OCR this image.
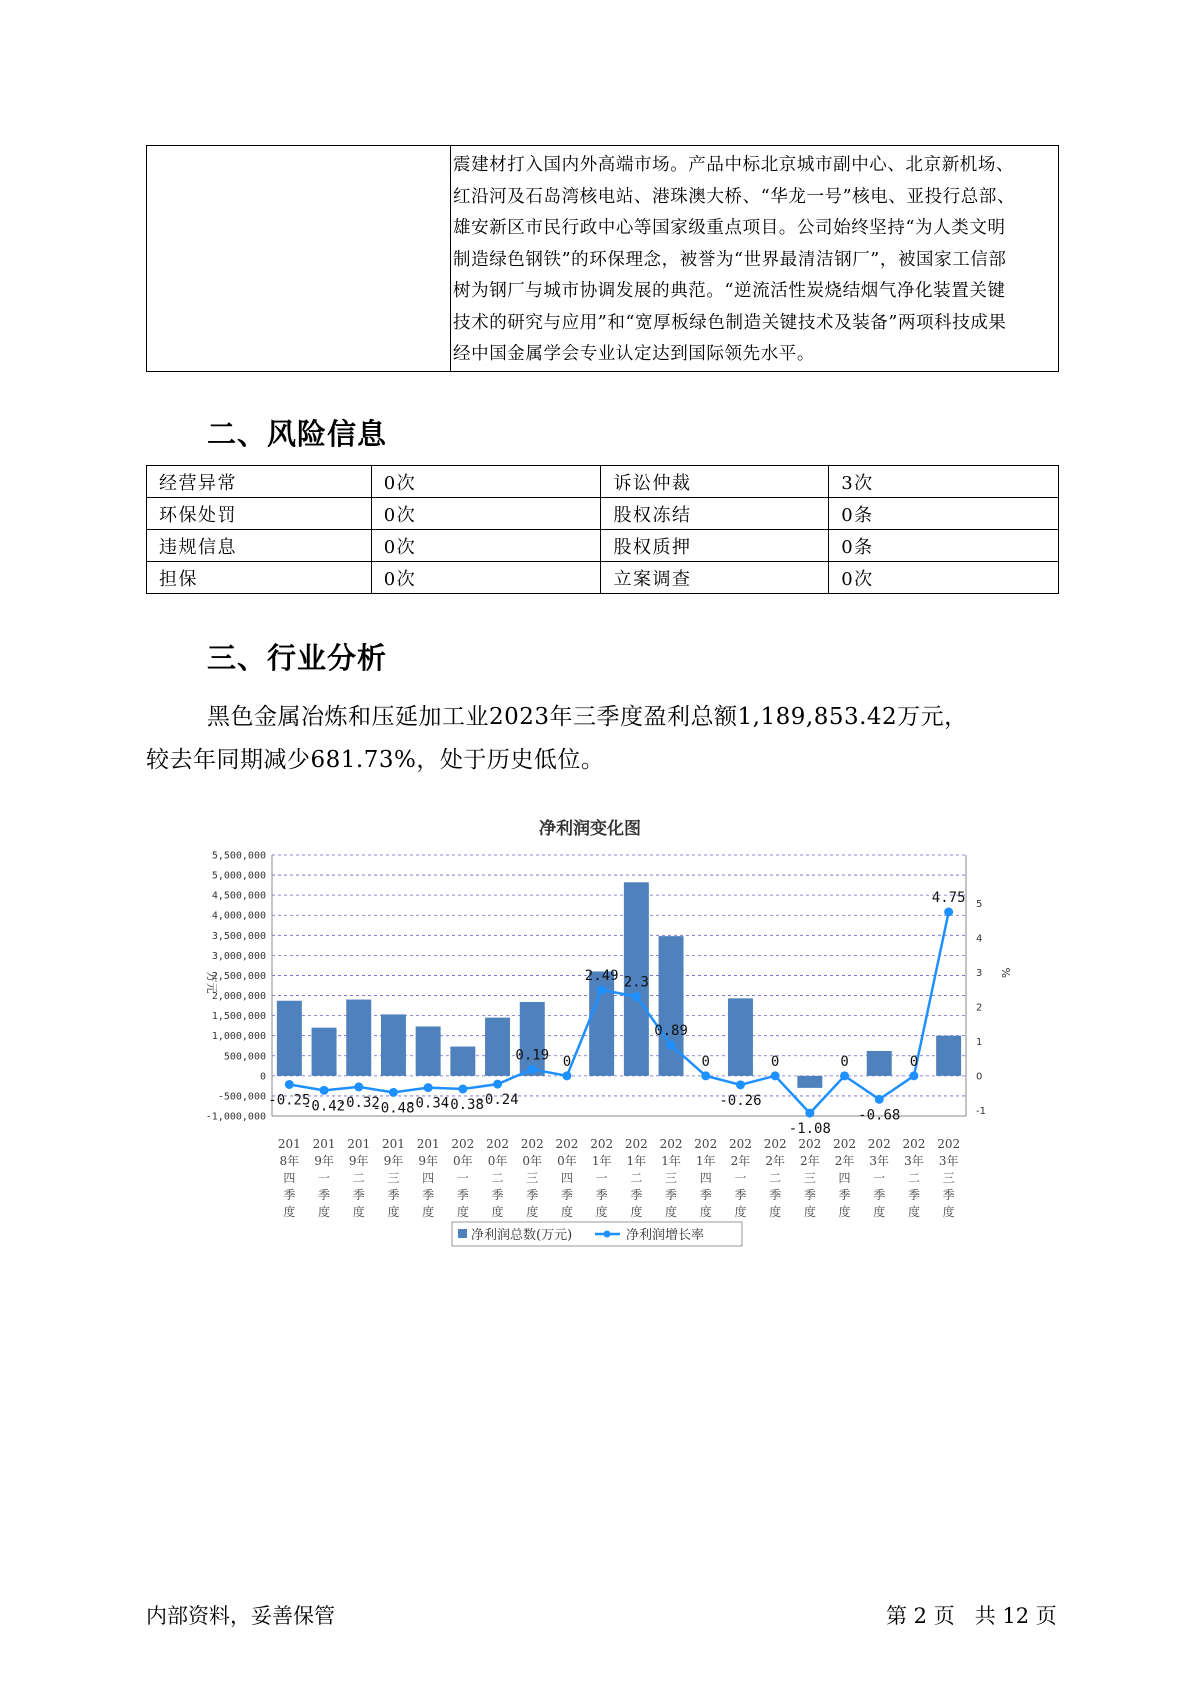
震建材打入国内外高端市场。产品中标北京城市副中心、北京新机场、
红沿河及石岛湾核电站、港珠澳大桥、“华龙一号”核电、亚投行总部、
雄安新区市民行政中心等国家级重点项目。公司始终坚持“为人类文明
制造绿色钢铁”的环保理念，被誉为“世界最清洁钢厂”，被国家工信部
树为钢厂与城市协调发展的典范。“逆流活性炭烧结烟气净化装置关键
技术的研究与应用”和“宽厚板绿色制造关键技术及装备”两项科技成果
经中国金属学会专业认定达到国际领先水平。
二、风险信息
经营异常	0次	诉讼仲裁	3次
环保处罚	0次	股权冻结	0条
违规信息	0次	股权质押	0条
担保	0次	立案调查	0次
三、行业分析
黑色金属冶炼和压延加工业2023年三季度盈利总额1,189,853.42万元，
较去年同期减少681.73%，处于历史低位。
净利润变化图
5,500,000
5,000,000
4,500,000
4,000,000
3,500,000
3,000,000
2,500,000
2,000,000
1,500,000
1,000,000
500,000
0
-500,000
-1,000,000
5
4
3
2
1
0
-1
万元	%
-0.25
-0.42
-0.32
-0.48
-0.34
-0.38
-0.24
0.19 0
2.49 2.3
0.89
0
-0.26
0
-1.08
0
-0.68
0
4.75
201
8年
四
季
度
201
9年
一
季
度
201
9年
二
季
度
201
9年
三
季
度
201
9年
四
季
度
202
0年
一
季
度
202
0年
二
季
度
202
0年
三
季
度
202
0年
四
季
度
202
1年
一
季
度
202
1年
二
季
度
202
1年
三
季
度
202
1年
四
季
度
202
2年
一
季
度
202
2年
二
季
度
202
2年
三
季
度
202
2年
四
季
度
202
3年
一
季
度
202
3年
二
季
度
202
3年
三
季
度
净利润总数(万元)	净利润增长率
内部资料，妥善保管	第 2 页   共 12 页
